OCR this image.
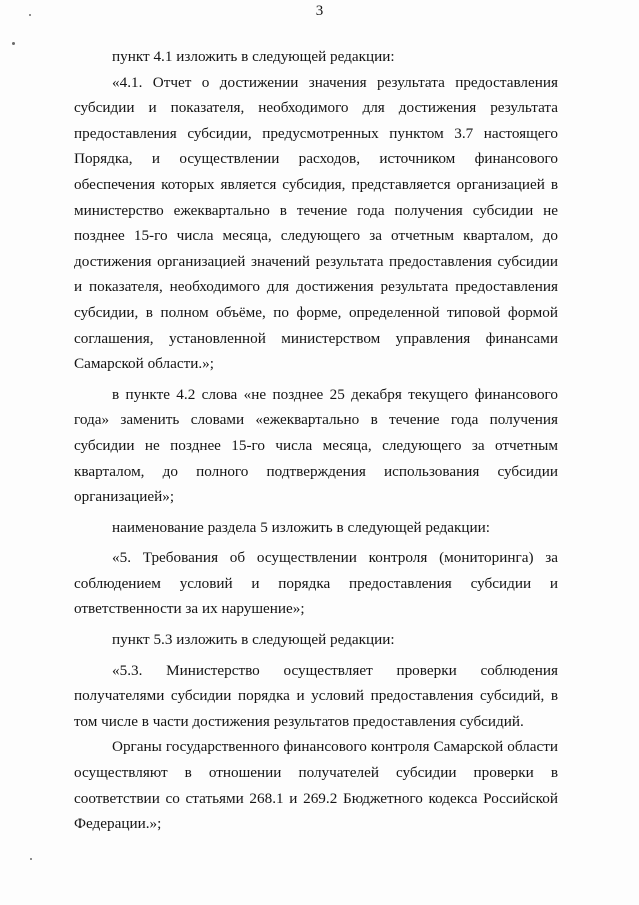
3

пункт 4.1 изложить в следующей редакции:

«4.1. Отчет о достижении значения результата предоставления субсидии и показателя, необходимого для достижения результата предоставления субсидии, предусмотренных пунктом 3.7 настоящего Порядка, и осуществлении расходов, источником финансового обеспечения которых является субсидия, представляется организацией в министерство ежеквартально в течение года получения субсидии не позднее 15-го числа месяца, следующего за отчетным кварталом, до достижения организацией значений результата предоставления субсидии и показателя, необходимого для достижения результата предоставления субсидии, в полном объёме, по форме, определенной типовой формой соглашения, установленной министерством управления финансами Самарской области.»;

в пункте 4.2 слова «не позднее 25 декабря текущего финансового года» заменить словами «ежеквартально в течение года получения субсидии не позднее 15-го числа месяца, следующего за отчетным кварталом, до полного подтверждения использования субсидии организацией»;

наименование раздела 5 изложить в следующей редакции:

«5. Требования об осуществлении контроля (мониторинга) за соблюдением условий и порядка предоставления субсидии и ответственности за их нарушение»;

пункт 5.3 изложить в следующей редакции:

«5.3. Министерство осуществляет проверки соблюдения получателями субсидии порядка и условий предоставления субсидий, в том числе в части достижения результатов предоставления субсидий.

Органы государственного финансового контроля Самарской области осуществляют в отношении получателей субсидии проверки в соответствии со статьями 268.1 и 269.2 Бюджетного кодекса Российской Федерации.»;
